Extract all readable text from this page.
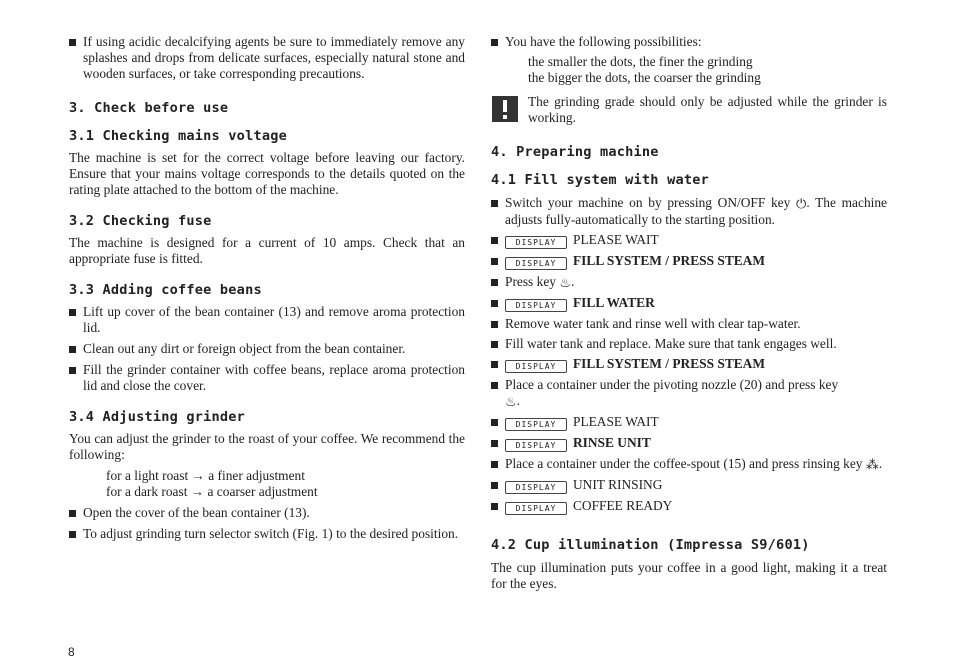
If using acidic decalcifying agents be sure to immediately remove any splashes and drops from delicate surfaces, especially natural stone and wooden surfaces, or take corresponding precautions.

3. Check before use
3.1 Checking mains voltage

The machine is set for the correct voltage before leaving our factory. Ensure that your mains voltage corresponds to the details quoted on the rating plate attached to the bottom of the machine.

3.2 Checking fuse

The machine is designed for a current of 10 amps. Check that an appropriate fuse is fitted.

3.3 Adding coffee beans

Lift up cover of the bean container (13) and remove aroma protection lid.

Clean out any dirt or foreign object from the bean container.

Fill the grinder container with coffee beans, replace aroma protection lid and close the cover.

3.4 Adjusting grinder

You can adjust the grinder to the roast of your coffee. We recommend the following:

for a light roast → a finer adjustment

for a dark roast → a coarser adjustment

Open the cover of the bean container (13).

To adjust grinding turn selector switch (Fig. 1) to the desired position.

You have the following possibilities:

the smaller the dots, the finer the grinding

the bigger the dots, the coarser the grinding

The grinding grade should only be adjusted while the grinder is working.

4. Preparing machine
4.1 Fill system with water

Switch your machine on by pressing ON/OFF key ⏻. The machine adjusts fully-automatically to the starting position.

DISPLAY PLEASE WAIT

DISPLAY FILL SYSTEM / PRESS STEAM

Press key ♨.

DISPLAY FILL WATER

Remove water tank and rinse well with clear tap-water.

Fill water tank and replace. Make sure that tank engages well.

DISPLAY FILL SYSTEM / PRESS STEAM

Place a container under the pivoting nozzle (20) and press key
♨.

DISPLAY PLEASE WAIT

DISPLAY RINSE UNIT

Place a container under the coffee-spout (15) and press rinsing key ⁂.

DISPLAY UNIT RINSING

DISPLAY COFFEE READY

4.2 Cup illumination (Impressa S9/601)

The cup illumination puts your coffee in a good light, making it a treat for the eyes.

8
